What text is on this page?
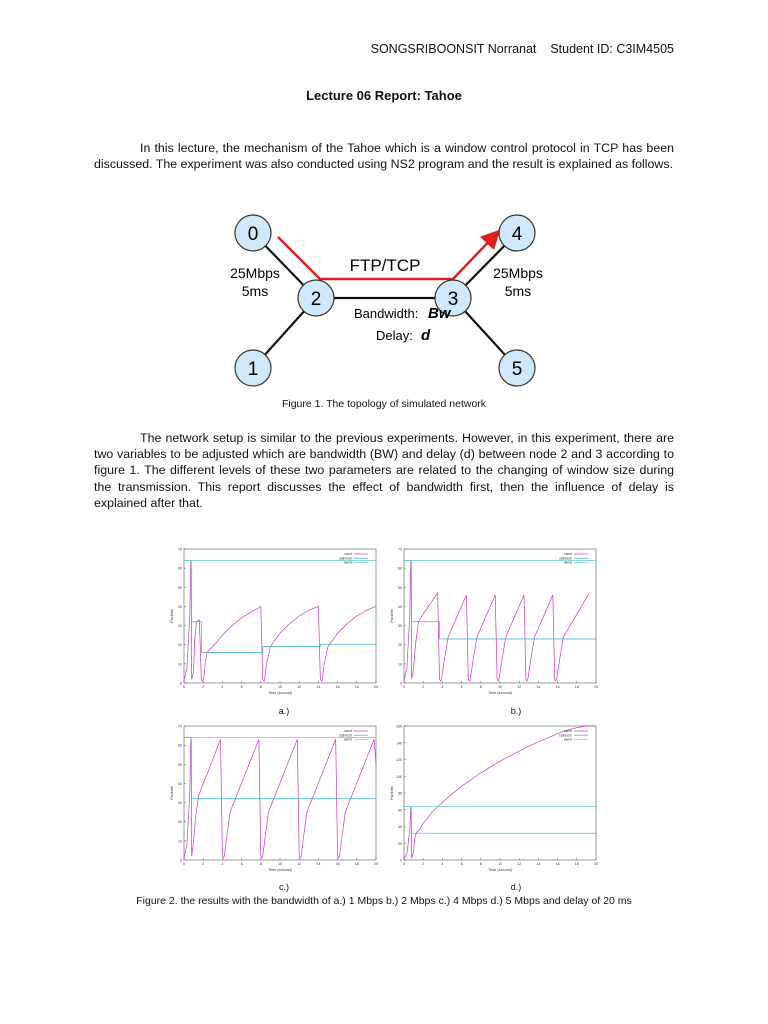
SONGSRIBOONSIT Norranat Student ID: C3IM4505
Lecture 06 Report: Tahoe
In this lecture, the mechanism of the Tahoe which is a window control protocol in TCP has been discussed. The experiment was also conducted using NS2 program and the result is explained as follows.
0
1
2	3
4
5
FTP/TCP
25Mbps
5ms
25Mbps
5ms
Bandwidth: Bw
Delay: d
Figure 1. The topology of simulated network
The network setup is similar to the previous experiments. However, in this experiment, there are two variables to be adjusted which are bandwidth (BW) and delay (d) between node 2 and 3 according to figure 1. The different levels of these two parameters are related to the changing of window size during the transmission. This report discusses the effect of bandwidth first, then the influence of delay is explained after that.
0
10
20
30
40
50
60
70
0	2	4	6	8	10	12	14	16	18	20
Time (second)
Packets
cwnd
ssthresh
awnd
0
10
20
30
40
50
60
70
0	2	4	6	8	10	12	14	16	18	20
Time (second)
Packets
cwnd
ssthresh
awnd
0
10
20
30
40
50
60
70
0	2	4	6	8	10	12	14	16	18	20
Time (second)
Packets
cwnd
ssthresh
awnd
0
20
40
60
80
100
120
140
160
0	2	4	6	8	10	12	14	16	18	20
Time (second)
Packets
cwnd
ssthresh
awnd
a.)	b.)
c.)	d.)
Figure 2. the results with the bandwidth of a.) 1 Mbps b.) 2 Mbps c.) 4 Mbps d.) 5 Mbps and delay of 20 ms
